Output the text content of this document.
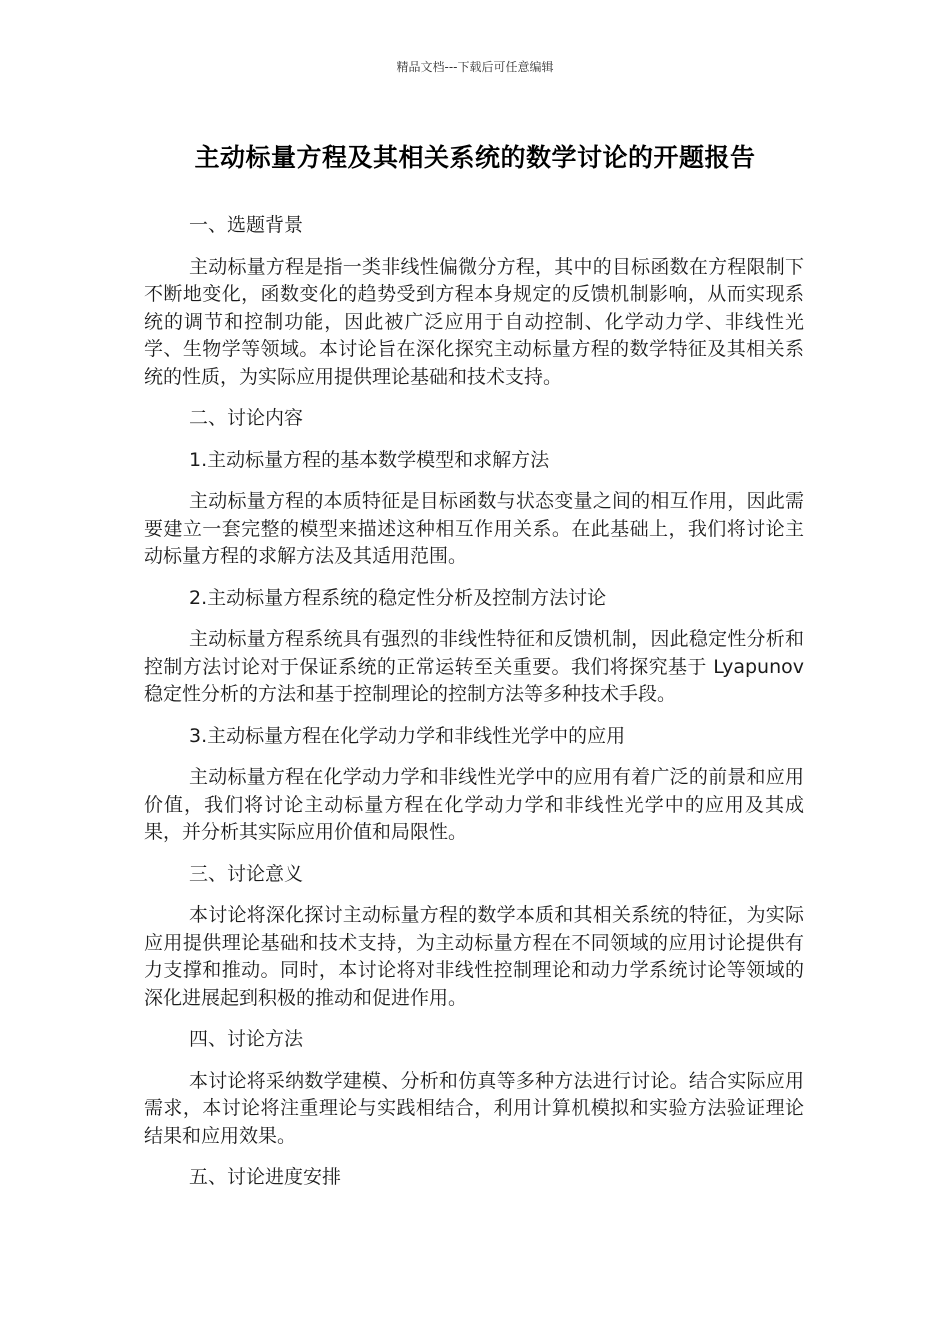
精品文档---下载后可任意编辑
主动标量方程及其相关系统的数学讨论的开题报告
一、选题背景
主动标量方程是指一类非线性偏微分方程，其中的目标函数在方程限制下不断地变化，函数变化的趋势受到方程本身规定的反馈机制影响，从而实现系统的调节和控制功能，因此被广泛应用于自动控制、化学动力学、非线性光学、生物学等领域。本讨论旨在深化探究主动标量方程的数学特征及其相关系统的性质，为实际应用提供理论基础和技术支持。
二、讨论内容
1.主动标量方程的基本数学模型和求解方法
主动标量方程的本质特征是目标函数与状态变量之间的相互作用，因此需要建立一套完整的模型来描述这种相互作用关系。在此基础上，我们将讨论主动标量方程的求解方法及其适用范围。
2.主动标量方程系统的稳定性分析及控制方法讨论
主动标量方程系统具有强烈的非线性特征和反馈机制，因此稳定性分析和控制方法讨论对于保证系统的正常运转至关重要。我们将探究基于 Lyapunov 稳定性分析的方法和基于控制理论的控制方法等多种技术手段。
3.主动标量方程在化学动力学和非线性光学中的应用
主动标量方程在化学动力学和非线性光学中的应用有着广泛的前景和应用价值，我们将讨论主动标量方程在化学动力学和非线性光学中的应用及其成果，并分析其实际应用价值和局限性。
三、讨论意义
本讨论将深化探讨主动标量方程的数学本质和其相关系统的特征，为实际应用提供理论基础和技术支持，为主动标量方程在不同领域的应用讨论提供有力支撑和推动。同时，本讨论将对非线性控制理论和动力学系统讨论等领域的深化进展起到积极的推动和促进作用。
四、讨论方法
本讨论将采纳数学建模、分析和仿真等多种方法进行讨论。结合实际应用需求，本讨论将注重理论与实践相结合，利用计算机模拟和实验方法验证理论结果和应用效果。
五、讨论进度安排
